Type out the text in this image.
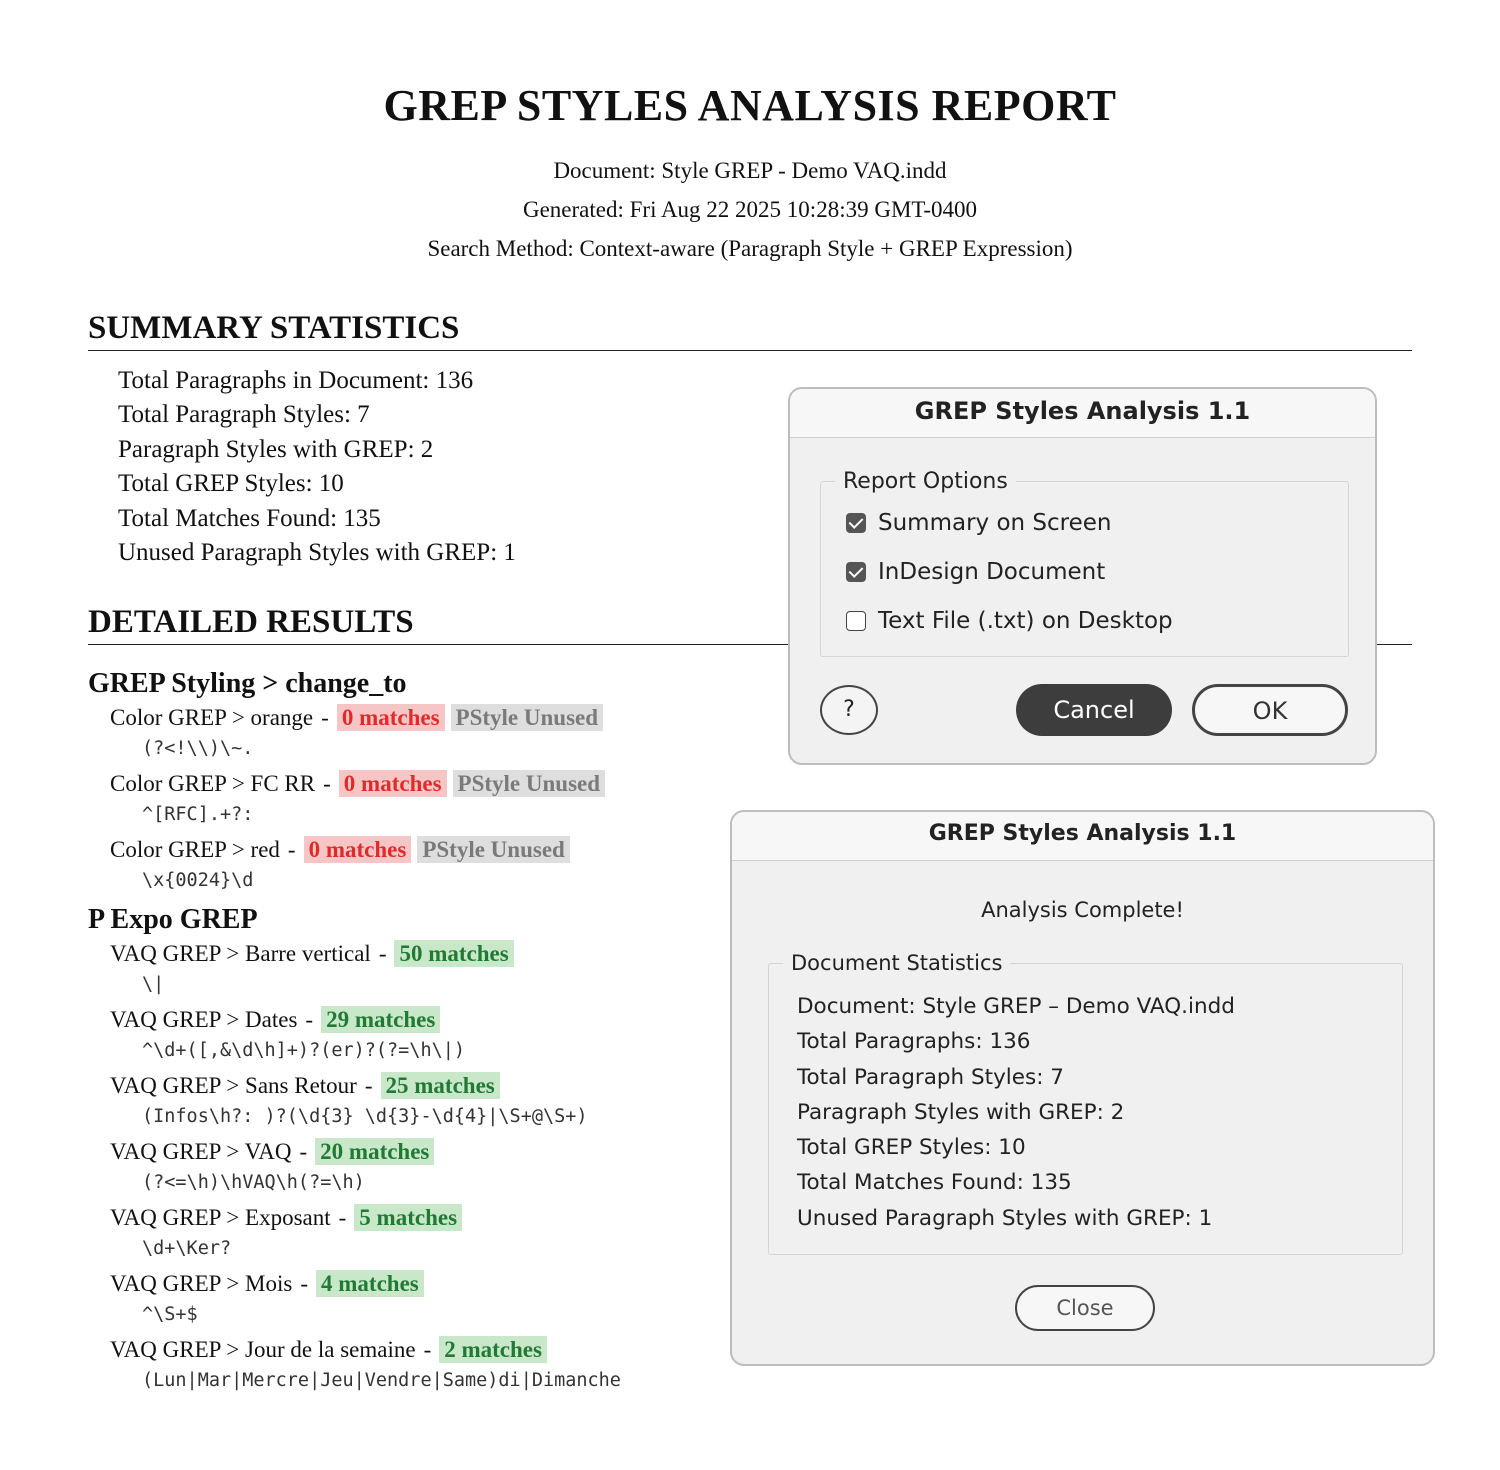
GREP STYLES ANALYSIS REPORT
Document: Style GREP - Demo VAQ.indd
Generated: Fri Aug 22 2025 10:28:39 GMT-0400
Search Method: Context-aware (Paragraph Style + GREP Expression)
SUMMARY STATISTICS
Total Paragraphs in Document: 136
Total Paragraph Styles: 7
Paragraph Styles with GREP: 2
Total GREP Styles: 10
Total Matches Found: 135
Unused Paragraph Styles with GREP: 1
DETAILED RESULTS
GREP Styling > change_to
Color GREP > orange - 0 matches PStyle Unused
(?<!\\)\~.
Color GREP > FC RR - 0 matches PStyle Unused
^[RFC].+?:
Color GREP > red - 0 matches PStyle Unused
\x{0024}\d
P Expo GREP
VAQ GREP > Barre vertical - 50 matches
\|
VAQ GREP > Dates - 29 matches
^\d+([,&\d\h]+)?(er)?(?=\h\|)
VAQ GREP > Sans Retour - 25 matches
(Infos\h?: )?(\d{3} \d{3}-\d{4}|\S+@\S+)
VAQ GREP > VAQ - 20 matches
(?<=\h)\hVAQ\h(?=\h)
VAQ GREP > Exposant - 5 matches
\d+\Ker?
VAQ GREP > Mois - 4 matches
^\S+$
VAQ GREP > Jour de la semaine - 2 matches
(Lun|Mar|Mercre|Jeu|Vendre|Same)di|Dimanche
GREP Styles Analysis 1.1
Report Options
Summary on Screen
InDesign Document
Text File (.txt) on Desktop
?	Cancel	OK
GREP Styles Analysis 1.1
Analysis Complete!
Document Statistics
Document: Style GREP – Demo VAQ.indd
Total Paragraphs: 136
Total Paragraph Styles: 7
Paragraph Styles with GREP: 2
Total GREP Styles: 10
Total Matches Found: 135
Unused Paragraph Styles with GREP: 1
Close
